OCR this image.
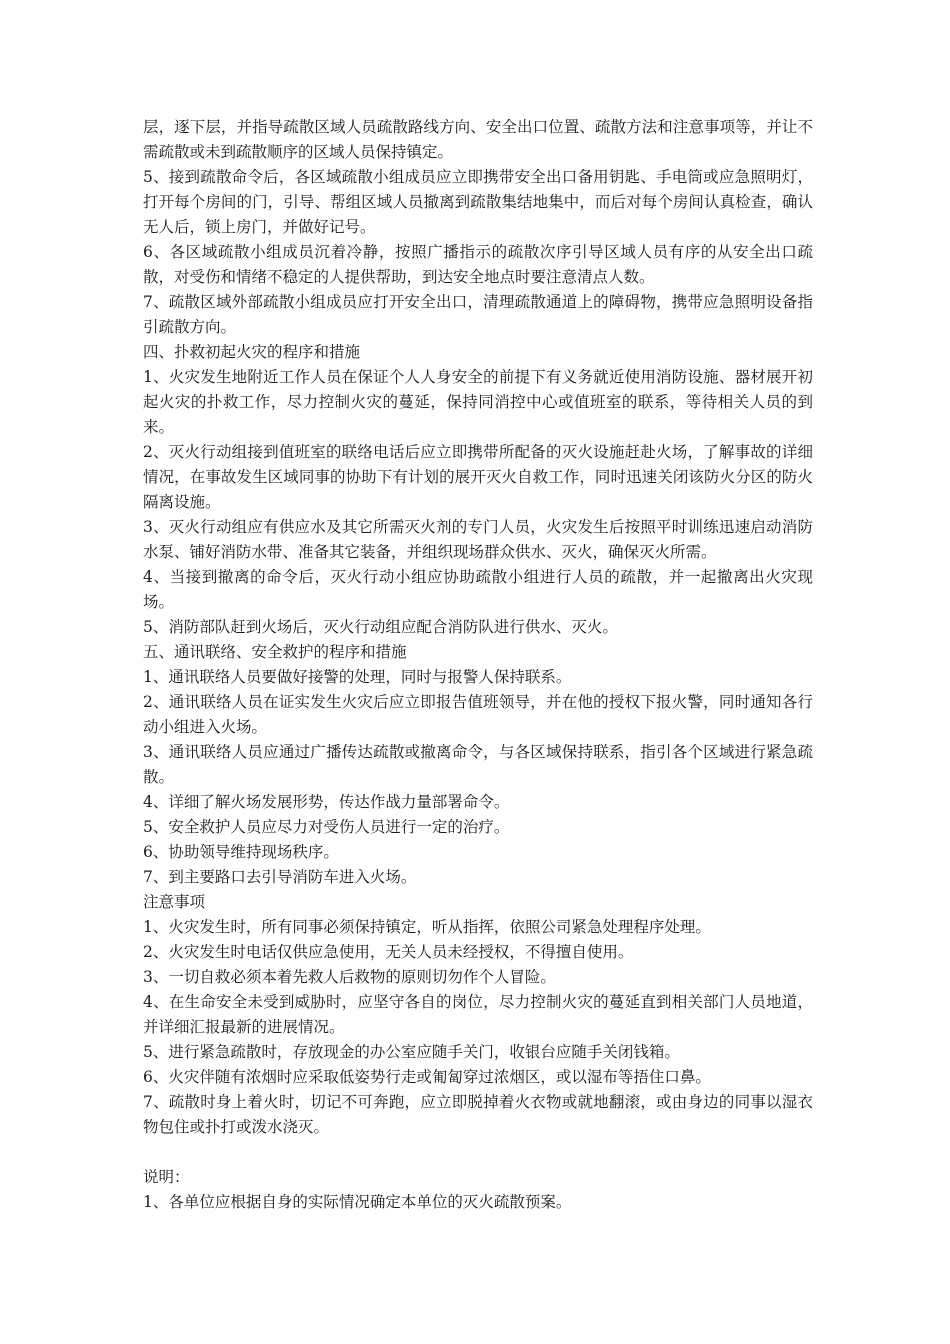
层，逐下层，并指导疏散区域人员疏散路线方向、安全出口位置、疏散方法和注意事项等，并让不需疏散或未到疏散顺序的区域人员保持镇定。

5、接到疏散命令后，各区域疏散小组成员应立即携带安全出口备用钥匙、手电筒或应急照明灯，打开每个房间的门，引导、帮组区域人员撤离到疏散集结地集中，而后对每个房间认真检查，确认无人后，锁上房门，并做好记号。

6、各区域疏散小组成员沉着冷静，按照广播指示的疏散次序引导区域人员有序的从安全出口疏散，对受伤和情绪不稳定的人提供帮助，到达安全地点时要注意清点人数。

7、疏散区域外部疏散小组成员应打开安全出口，清理疏散通道上的障碍物，携带应急照明设备指引疏散方向。

四、扑救初起火灾的程序和措施

1、火灾发生地附近工作人员在保证个人人身安全的前提下有义务就近使用消防设施、器材展开初起火灾的扑救工作，尽力控制火灾的蔓延，保持同消控中心或值班室的联系，等待相关人员的到来。

2、灭火行动组接到值班室的联络电话后应立即携带所配备的灭火设施赶赴火场，了解事故的详细情况，在事故发生区域同事的协助下有计划的展开灭火自救工作，同时迅速关闭该防火分区的防火隔离设施。

3、灭火行动组应有供应水及其它所需灭火剂的专门人员，火灾发生后按照平时训练迅速启动消防水泵、铺好消防水带、准备其它装备，并组织现场群众供水、灭火，确保灭火所需。

4、当接到撤离的命令后，灭火行动小组应协助疏散小组进行人员的疏散，并一起撤离出火灾现场。

5、消防部队赶到火场后，灭火行动组应配合消防队进行供水、灭火。

五、通讯联络、安全救护的程序和措施

1、通讯联络人员要做好接警的处理，同时与报警人保持联系。

2、通讯联络人员在证实发生火灾后应立即报告值班领导，并在他的授权下报火警，同时通知各行动小组进入火场。

3、通讯联络人员应通过广播传达疏散或撤离命令，与各区域保持联系，指引各个区域进行紧急疏散。

4、详细了解火场发展形势，传达作战力量部署命令。

5、安全救护人员应尽力对受伤人员进行一定的治疗。

6、协助领导维持现场秩序。

7、到主要路口去引导消防车进入火场。

注意事项

1、火灾发生时，所有同事必须保持镇定，听从指挥，依照公司紧急处理程序处理。

2、火灾发生时电话仅供应急使用，无关人员未经授权，不得擅自使用。

3、一切自救必须本着先救人后救物的原则切勿作个人冒险。

4、在生命安全未受到威胁时，应坚守各自的岗位，尽力控制火灾的蔓延直到相关部门人员地道，并详细汇报最新的进展情况。

5、进行紧急疏散时，存放现金的办公室应随手关门，收银台应随手关闭钱箱。

6、火灾伴随有浓烟时应采取低姿势行走或匍匐穿过浓烟区，或以湿布等捂住口鼻。

7、疏散时身上着火时，切记不可奔跑，应立即脱掉着火衣物或就地翻滚，或由身边的同事以湿衣物包住或扑打或泼水浇灭。

说明：

1、各单位应根据自身的实际情况确定本单位的灭火疏散预案。
